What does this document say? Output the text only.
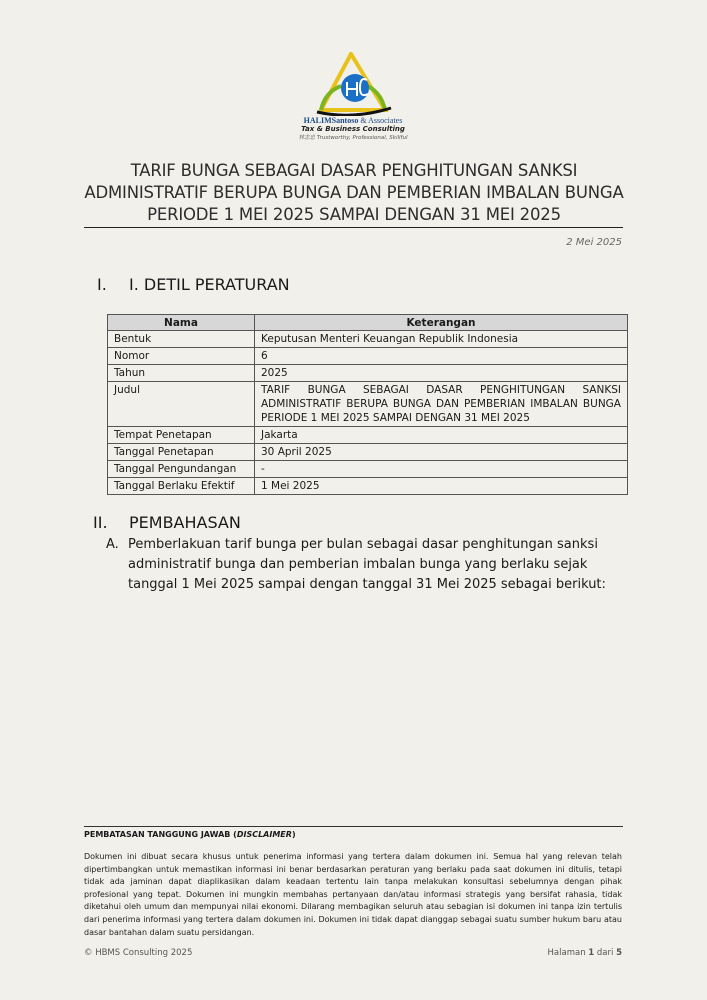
HALIMSantoso & Associates
Tax & Business Consulting
林志忠 Trustworthy, Professional, Skillful
TARIF BUNGA SEBAGAI DASAR PENGHITUNGAN SANKSI
ADMINISTRATIF BERUPA BUNGA DAN PEMBERIAN IMBALAN BUNGA
PERIODE 1 MEI 2025 SAMPAI DENGAN 31 MEI 2025
2 Mei 2025
I. I. DETIL PERATURAN
Nama	Keterangan
Bentuk	Keputusan Menteri Keuangan Republik Indonesia
Nomor	6
Tahun	2025
Judul	TARIF BUNGA SEBAGAI DASAR PENGHITUNGAN SANKSI ADMINISTRATIF BERUPA BUNGA DAN PEMBERIAN IMBALAN BUNGA PERIODE 1 MEI 2025 SAMPAI DENGAN 31 MEI 2025
Tempat Penetapan	Jakarta
Tanggal Penetapan	30 April 2025
Tanggal Pengundangan	-
Tanggal Berlaku Efektif	1 Mei 2025
II. PEMBAHASAN
A. Pemberlakuan tarif bunga per bulan sebagai dasar penghitungan sanksi administratif bunga dan pemberian imbalan bunga yang berlaku sejak tanggal 1 Mei 2025 sampai dengan tanggal 31 Mei 2025 sebagai berikut:
PEMBATASAN TANGGUNG JAWAB (DISCLAIMER)
Dokumen ini dibuat secara khusus untuk penerima informasi yang tertera dalam dokumen ini. Semua hal yang relevan telah dipertimbangkan untuk memastikan informasi ini benar berdasarkan peraturan yang berlaku pada saat dokumen ini ditulis, tetapi tidak ada jaminan dapat diaplikasikan dalam keadaan tertentu lain tanpa melakukan konsultasi sebelumnya dengan pihak profesional yang tepat. Dokumen ini mungkin membahas pertanyaan dan/atau informasi strategis yang bersifat rahasia, tidak diketahui oleh umum dan mempunyai nilai ekonomi. Dilarang membagikan seluruh atau sebagian isi dokumen ini tanpa izin tertulis dari penerima informasi yang tertera dalam dokumen ini. Dokumen ini tidak dapat dianggap sebagai suatu sumber hukum baru atau dasar bantahan dalam suatu persidangan.
© HBMS Consulting 2025	Halaman 1 dari 5
